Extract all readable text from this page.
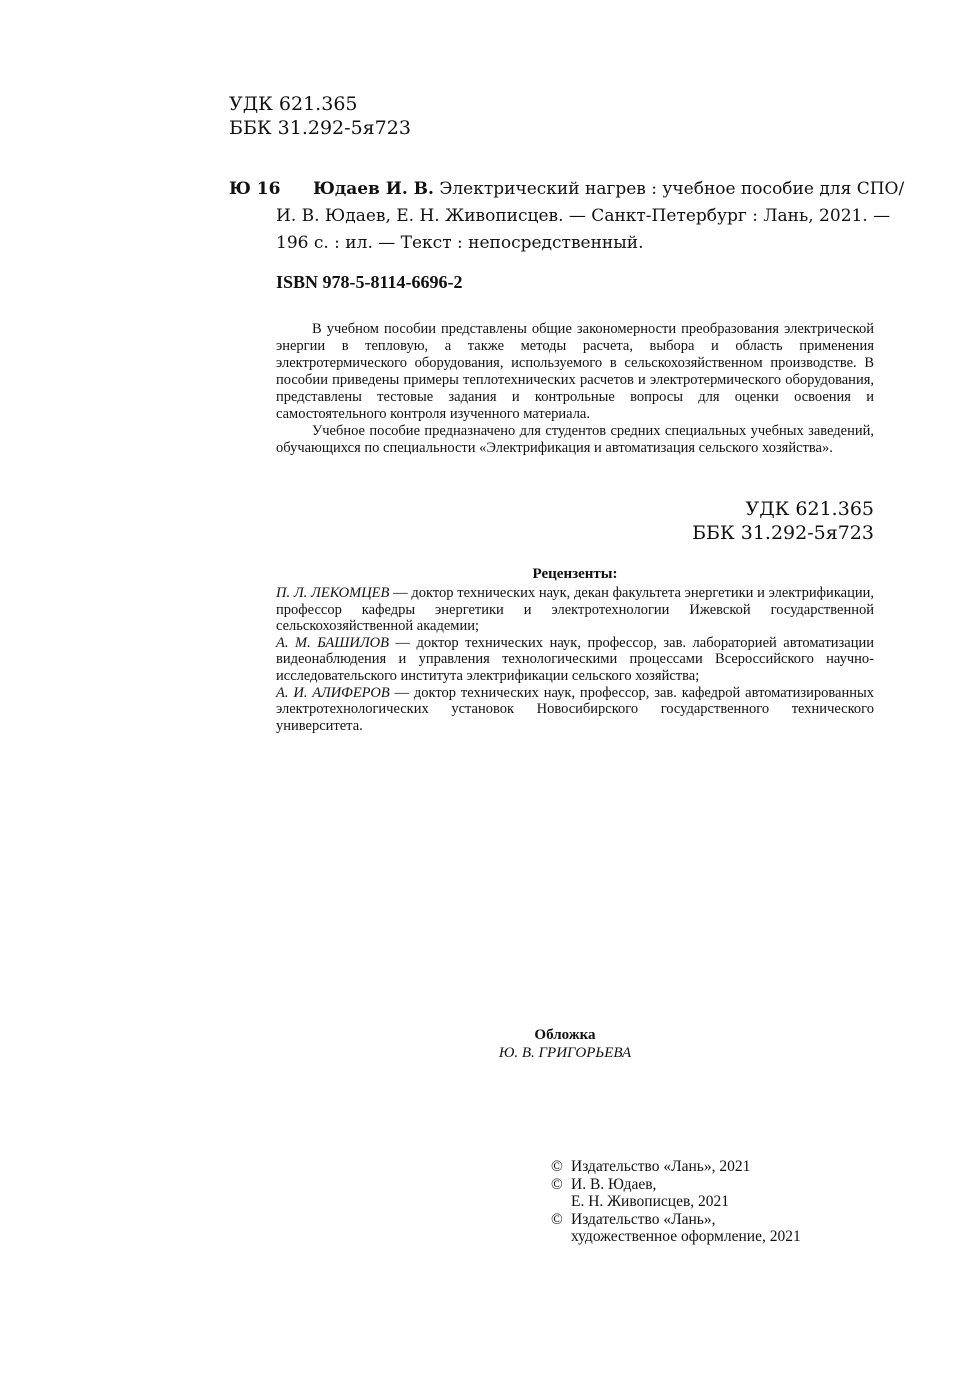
УДК 621.365
ББК 31.292-5я723
Ю 16 Юдаев И. В. Электрический нагрев : учебное пособие для СПО/
И. В. Юдаев, Е. Н. Живописцев. — Санкт-Петербург : Лань, 2021. —
196 с. : ил. — Текст : непосредственный.
ISBN 978-5-8114-6696-2

В учебном пособии представлены общие закономерности преобразования электрической энергии в тепловую, а также методы расчета, выбора и область применения электротермического оборудования, используемого в сельскохозяйственном производстве. В пособии приведены примеры теплотехнических расчетов и электротермического оборудования, представлены тестовые задания и контрольные вопросы для оценки освоения и самостоятельного контроля изученного материала.

Учебное пособие предназначено для студентов средних специальных учебных заведений, обучающихся по специальности «Электрификация и автоматизация сельского хозяйства».

УДК 621.365
ББК 31.292-5я723
Рецензенты:

П. Л. ЛЕКОМЦЕВ — доктор технических наук, декан факультета энергетики и электрификации, профессор кафедры энергетики и электротехнологии Ижевской государственной сельскохозяйственной академии;

А. М. БАШИЛОВ — доктор технических наук, профессор, зав. лабораторией автоматизации видеонаблюдения и управления технологическими процессами Всероссийского научно-исследовательского института электрификации сельского хозяйства;

А. И. АЛИФЕРОВ — доктор технических наук, профессор, зав. кафедрой автоматизированных электротехнологических установок Новосибирского государственного технического университета.

Обложка
Ю. В. ГРИГОРЬЕВА
© Издательство «Лань», 2021
© И. В. Юдаев,
Е. Н. Живописцев, 2021
© Издательство «Лань»,
художественное оформление, 2021
